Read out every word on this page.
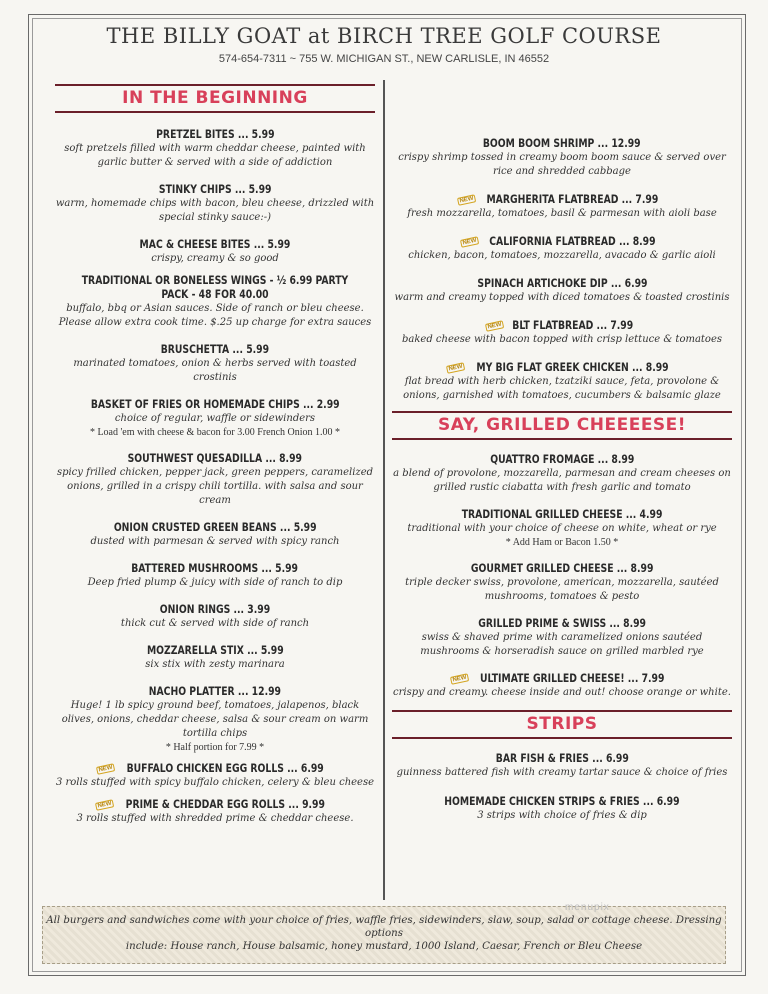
THE BILLY GOAT at BIRCH TREE GOLF COURSE
574-654-7311 ~ 755 W. MICHIGAN ST., NEW CARLISLE, IN 46552
IN THE BEGINNING
PRETZEL BITES ... 5.99
soft pretzels filled with warm cheddar cheese, painted with garlic butter & served with a side of addiction
STINKY CHIPS ... 5.99
warm, homemade chips with bacon, bleu cheese, drizzled with special stinky sauce:-)
MAC & CHEESE BITES ... 5.99
crispy, creamy & so good
TRADITIONAL OR BONELESS WINGS - ½ 6.99 PARTY PACK - 48 FOR 40.00
buffalo, bbq or Asian sauces. Side of ranch or bleu cheese. Please allow extra cook time. $.25 up charge for extra sauces
BRUSCHETTA ... 5.99
marinated tomatoes, onion & herbs served with toasted crostinis
BASKET OF FRIES OR HOMEMADE CHIPS ... 2.99
choice of regular, waffle or sidewinders
* Load 'em with cheese & bacon for 3.00 French Onion 1.00 *
SOUTHWEST QUESADILLA ... 8.99
spicy frilled chicken, pepper jack, green peppers, caramelized onions, grilled in a crispy chili tortilla. with salsa and sour cream
ONION CRUSTED GREEN BEANS ... 5.99
dusted with parmesan & served with spicy ranch
BATTERED MUSHROOMS ... 5.99
Deep fried plump & juicy with side of ranch to dip
ONION RINGS ... 3.99
thick cut & served with side of ranch
MOZZARELLA STIX ... 5.99
six stix with zesty marinara
NACHO PLATTER ... 12.99
Huge! 1 lb spicy ground beef, tomatoes, jalapenos, black olives, onions, cheddar cheese, salsa & sour cream on warm tortilla chips
* Half portion for 7.99 *
NEW BUFFALO CHICKEN EGG ROLLS ... 6.99
3 rolls stuffed with spicy buffalo chicken, celery & bleu cheese
NEW PRIME & CHEDDAR EGG ROLLS ... 9.99
3 rolls stuffed with shredded prime & cheddar cheese.
BOOM BOOM SHRIMP ... 12.99
crispy shrimp tossed in creamy boom boom sauce & served over rice and shredded cabbage
NEW MARGHERITA FLATBREAD ... 7.99
fresh mozzarella, tomatoes, basil & parmesan with aioli base
NEW CALIFORNIA FLATBREAD ... 8.99
chicken, bacon, tomatoes, mozzarella, avacado & garlic aioli
SPINACH ARTICHOKE DIP ... 6.99
warm and creamy topped with diced tomatoes & toasted crostinis
NEW BLT FLATBREAD ... 7.99
baked cheese with bacon topped with crisp lettuce & tomatoes
NEW MY BIG FLAT GREEK CHICKEN ... 8.99
flat bread with herb chicken, tzatziki sauce, feta, provolone & onions, garnished with tomatoes, cucumbers & balsamic glaze
SAY, GRILLED CHEEEESE!
QUATTRO FROMAGE ... 8.99
a blend of provolone, mozzarella, parmesan and cream cheeses on grilled rustic ciabatta with fresh garlic and tomato
TRADITIONAL GRILLED CHEESE ... 4.99
traditional with your choice of cheese on white, wheat or rye
* Add Ham or Bacon 1.50 *
GOURMET GRILLED CHEESE ... 8.99
triple decker swiss, provolone, american, mozzarella, sautéed mushrooms, tomatoes & pesto
GRILLED PRIME & SWISS ... 8.99
swiss & shaved prime with caramelized onions sautéed mushrooms & horseradish sauce on grilled marbled rye
NEW ULTIMATE GRILLED CHEESE! ... 7.99
crispy and creamy. cheese inside and out! choose orange or white.
STRIPS
BAR FISH & FRIES ... 6.99
guinness battered fish with creamy tartar sauce & choice of fries
HOMEMADE CHICKEN STRIPS & FRIES ... 6.99
3 strips with choice of fries & dip

All burgers and sandwiches come with your choice of fries, waffle fries, sidewinders, slaw, soup, salad or cottage cheese. Dressing options

include: House ranch, House balsamic, honey mustard, 1000 Island, Caesar, French or Bleu Cheese

menupix
